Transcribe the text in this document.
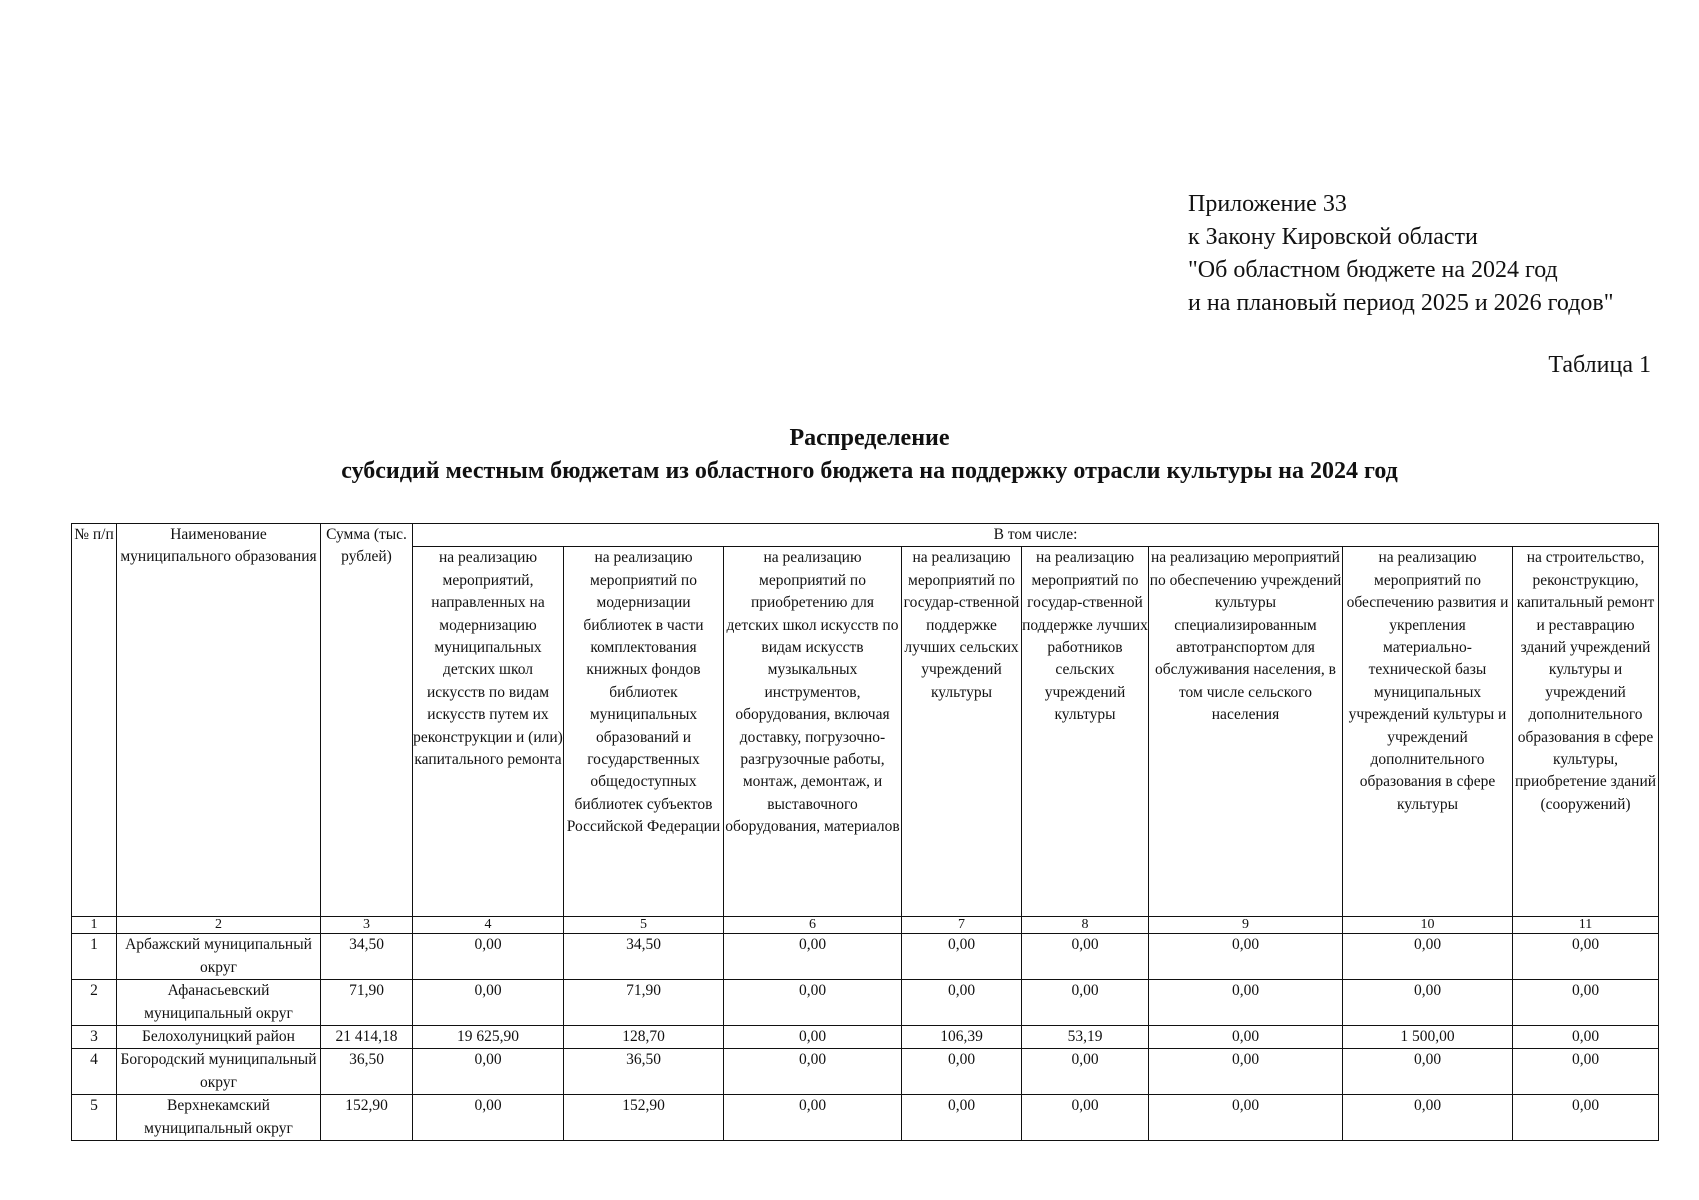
Приложение 33
к Закону Кировской области
"Об областном бюджете на 2024 год
и на плановый период 2025 и 2026 годов"
Таблица 1
Распределение
субсидий местным бюджетам из областного бюджета на поддержку отрасли культуры на 2024 год
№ п/п	Наименование муниципального образования	Сумма (тыс. рублей)	В том числе:							
			на реализацию мероприятий, направленных на модернизацию муниципальных детских школ искусств по видам искусств путем их реконструкции и (или) капитального ремонта	на реализацию мероприятий по модернизации библиотек в части комплектования книжных фондов библиотек муниципальных образований и государственных общедоступных библиотек субъектов Российской Федерации	на реализацию мероприятий по приобретению для детских школ искусств по видам искусств музыкальных инструментов, оборудования, включая доставку, погрузочно-разгрузочные работы, монтаж, демонтаж, и выставочного оборудования, материалов	на реализацию мероприятий по государ-ственной поддержке лучших сельских учреждений культуры	на реализацию мероприятий по государ-ственной поддержке лучших работников сельских учреждений культуры	на реализацию мероприятий по обеспечению учреждений культуры специализированным автотранспортом для обслуживания населения, в том числе сельского населения	на реализацию мероприятий по обеспечению развития и укрепления материально-технической базы муниципальных учреждений культуры и учреждений дополнительного образования в сфере культуры	на строительство, реконструкцию, капитальный ремонт и реставрацию зданий учреждений культуры и учреждений дополнительного образования в сфере культуры, приобретение зданий (сооружений)
1	2	3	4	5	6	7	8	9	10	11
1	Арбажский муниципальный округ	34,50	0,00	34,50	0,00	0,00	0,00	0,00	0,00	0,00
2	Афанасьевский муниципальный округ	71,90	0,00	71,90	0,00	0,00	0,00	0,00	0,00	0,00
3	Белохолуницкий район	21 414,18	19 625,90	128,70	0,00	106,39	53,19	0,00	1 500,00	0,00
4	Богородский муниципальный округ	36,50	0,00	36,50	0,00	0,00	0,00	0,00	0,00	0,00
5	Верхнекамский муниципальный округ	152,90	0,00	152,90	0,00	0,00	0,00	0,00	0,00	0,00
